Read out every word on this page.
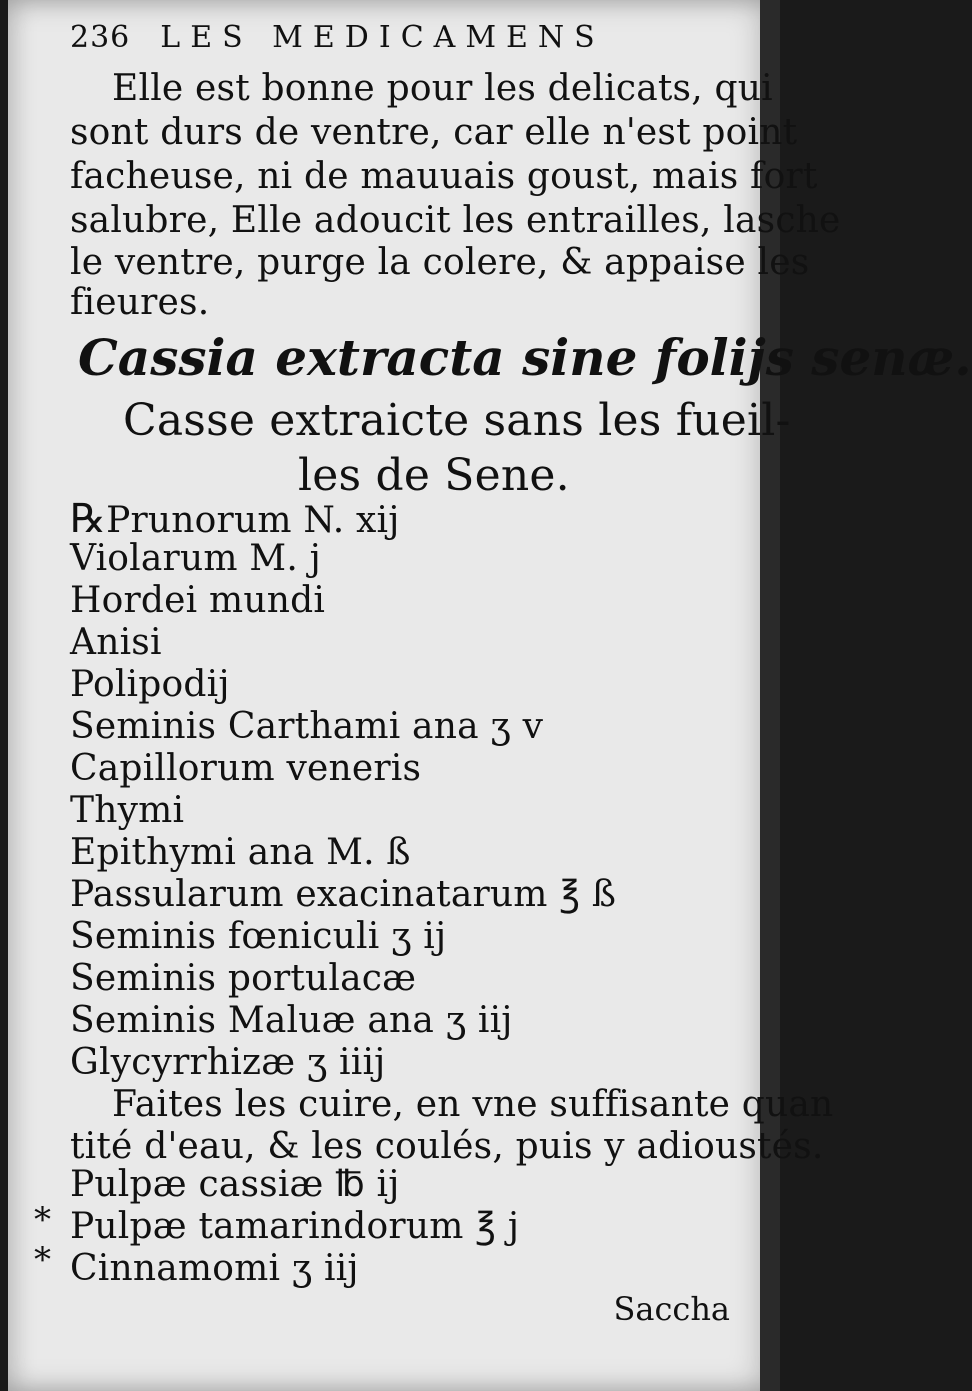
236 LES MEDICAMENS
Elle est bonne pour les delicats, qui
sont durs de ventre, car elle n'est point
facheuse, ni de mauuais goust, mais fort
salubre, Elle adoucit les entrailles, lasche
le ventre, purge la colere, & appaise les
fieures.
Cassia extracta sine folijs senæ.
Casse extraicte sans les fueil-
les de Sene.
℞Prunorum N. xij
Violarum M. j
Hordei mundi
Anisi
Polipodij
Seminis Carthami ana ʒ v
Capillorum veneris
Thymi
Epithymi ana M. ß
Passularum exacinatarum ℥ ß
Seminis fœniculi ʒ ij
Seminis portulacæ
Seminis Maluæ ana ʒ iij
Glycyrrhizæ ʒ iiij
Faites les cuire, en vne suffisante quan
tité d'eau, & les coulés, puis y adioustés.
Pulpæ cassiæ ℔ ij
* Pulpæ tamarindorum ℥ j
* Cinnamomi ʒ iij
Saccha
